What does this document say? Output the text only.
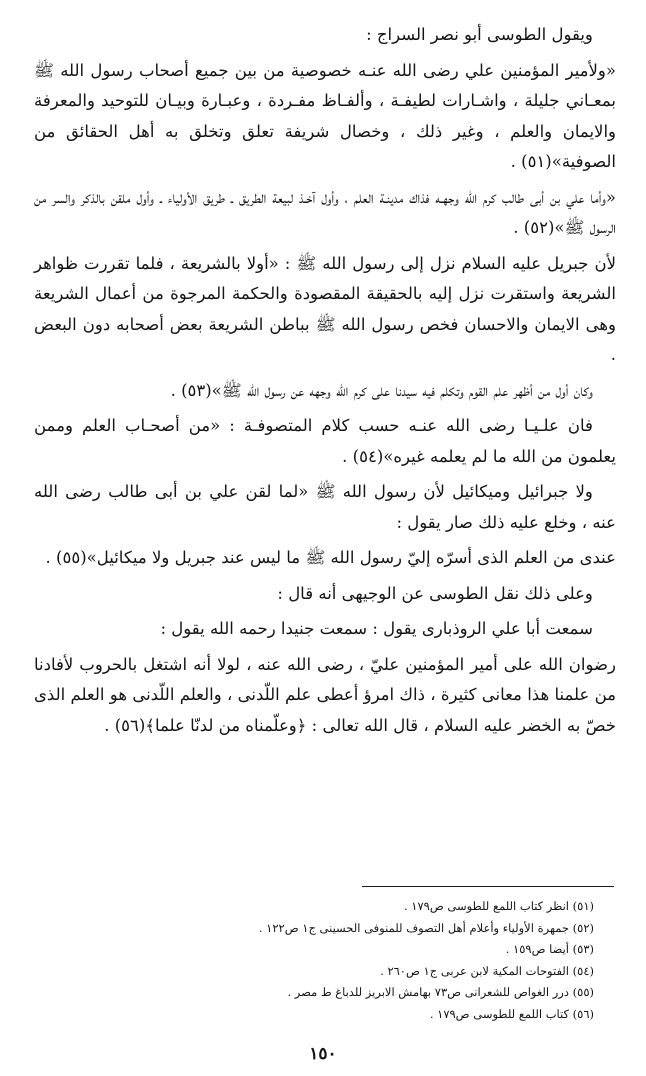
ويقول الطوسى أبو نصر السراج :

«ولأمير المؤمنين علي رضى الله عنـه خصوصية من بين جميع أصحاب رسول الله ﷺ بمعـاني جليلة ، واشـارات لطيفـة ، وألفـاظ مفـردة ، وعبـارة وبيـان للتوحيد والمعرفة والايمان والعلم ، وغير ذلك ، وخصال شريفة تعلق وتخلق به أهل الحقائق من الصوفية»(٥١) .

«وأما علي بن أبى طالب كرم الله وجهـه فذاك مدينـة العلم ، وأول آخـذ لبيعة الطريق ـ طريق الأولياء ـ وأول ملقن بالذكر والسر من الرسول ﷺ»(٥٢) .

لأن جبريل عليه السلام نزل إلى رسول الله ﷺ : «أولا بالشريعة ، فلما تقررت ظواهر الشريعة واستقرت نزل إليه بالحقيقة المقصودة والحكمة المرجوة من أعمال الشريعة وهى الايمان والاحسان فخص رسول الله ﷺ بباطن الشريعة بعض أصحابه دون البعض .

وكان أول من أظهر علم القوم وتكلم فيه سيدنا على كرم الله وجهه عن رسول الله ﷺ»(٥٣) .

فان علـيـا رضى الله عنـه حسب كلام المتصوفـة : «من أصحـاب العلم وممن يعلمون من الله ما لم يعلمه غيره»(٥٤) .

ولا جبرائيل وميكائيل لأن رسول الله ﷺ «لما لقن علي بن أبى طالب رضى الله عنه ، وخلع عليه ذلك صار يقول :

عندى من العلم الذى أسرّه إليّ رسول الله ﷺ ما ليس عند جبريل ولا ميكائيل»(٥٥) .

وعلى ذلك نقل الطوسى عن الوجيهى أنه قال :

سمعت أبا علي الروذبارى يقول : سمعت جنيدا رحمه الله يقول :

رضوان الله على أمير المؤمنين عليّ ، رضى الله عنه ، لولا أنه اشتغل بالحروب لأفادنا من علمنا هذا معانى كثيرة ، ذاك امرؤ أعطى علم اللّدنى ، والعلم اللّدنى هو العلم الذى خصّ به الخضر عليه السلام ، قال الله تعالى : ﴿وعلّمناه من لدنّا علما﴾(٥٦) .

(٥١) انظر كتاب اللمع للطوسى ص١٧٩ .
(٥٢) جمهرة الأولياء وأعلام أهل التصوف للمنوفى الحسينى ج١ ص١٢٢ .
(٥٣) أيضا ص١٥٩ .
(٥٤) الفتوحات المكية لابن عربى ج١ ص٢٦٠ .
(٥٥) درر الغواص للشعرانى ص٧٣ بهامش الابريز للدباغ ط مصر .
(٥٦) كتاب اللمع للطوسى ص١٧٩ .
١٥٠
